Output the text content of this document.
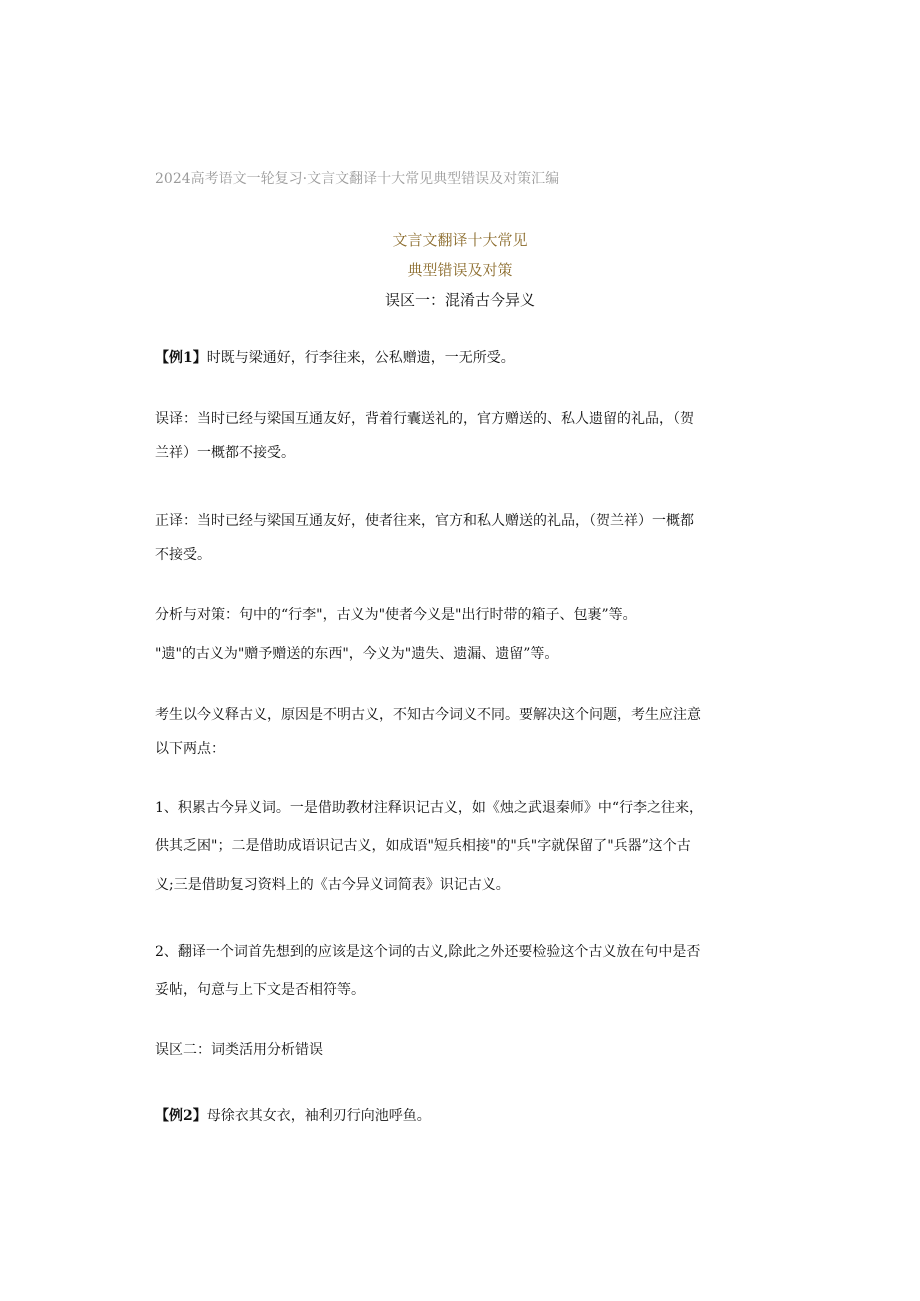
2024高考语文一轮复习·文言文翻译十大常见典型错误及对策汇编
文言文翻译十大常见
典型错误及对策
误区一：混淆古今异义
【例1】时既与梁通好，行李往来，公私赠遗，一无所受。
误译：当时已经与梁国互通友好，背着行囊送礼的，官方赠送的、私人遗留的礼品，（贺
兰祥）一概都不接受。
正译：当时已经与梁国互通友好，使者往来，官方和私人赠送的礼品，（贺兰祥）一概都
不接受。
分析与对策：句中的“行李"，古义为"使者今义是"出行时带的箱子、包裹”等。
"遗"的古义为"赠予赠送的东西"，今义为"遗失、遗漏、遗留”等。
考生以今义释古义，原因是不明古义，不知古今词义不同。要解决这个问题，考生应注意
以下两点：
1、积累古今异义词。一是借助教材注释识记古义，如《烛之武退秦师》中“行李之往来，
供其乏困"；二是借助成语识记古义，如成语"短兵相接"的"兵"字就保留了"兵器”这个古
义;三是借助复习资料上的《古今异义词简表》识记古义。
2、翻译一个词首先想到的应该是这个词的古义,除此之外还要检验这个古义放在句中是否
妥帖，句意与上下文是否相符等。
误区二：词类活用分析错误
【例2】母徐衣其女衣，袖利刃行向池呼鱼。
